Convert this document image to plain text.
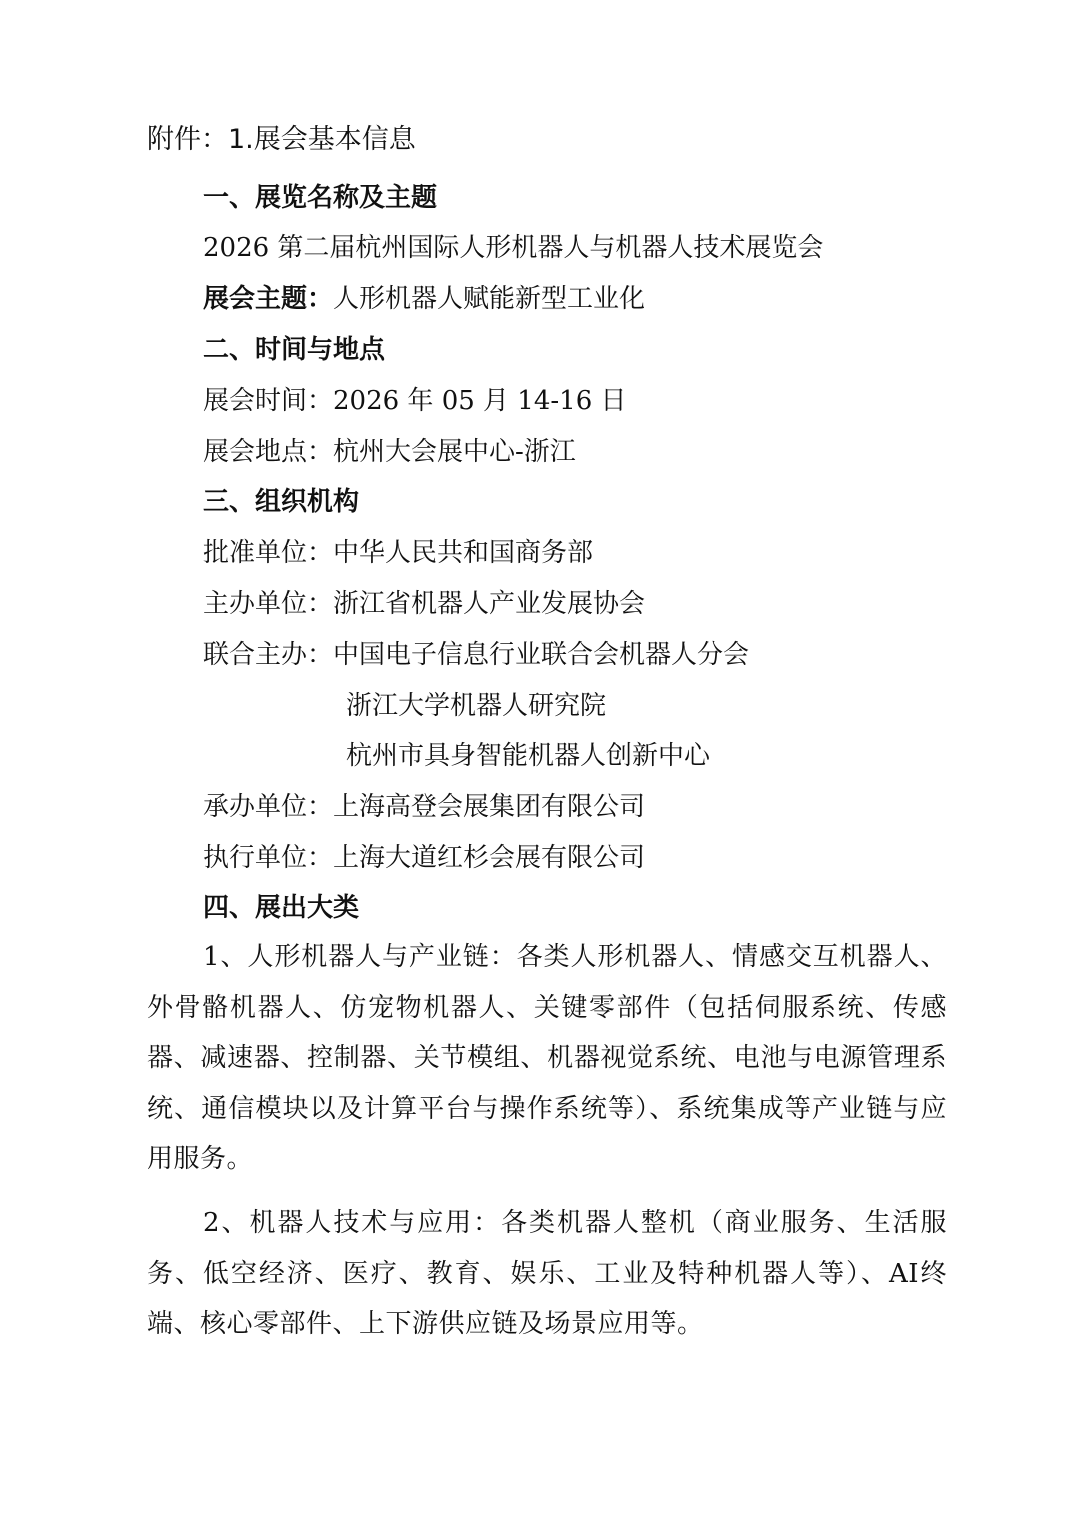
附件：1.展会基本信息
一、展览名称及主题
2026 第二届杭州国际人形机器人与机器人技术展览会
展会主题：人形机器人赋能新型工业化
二、时间与地点
展会时间：2026 年 05 月 14-16 日
展会地点：杭州大会展中心-浙江
三、组织机构
批准单位：中华人民共和国商务部
主办单位：浙江省机器人产业发展协会
联合主办：中国电子信息行业联合会机器人分会
浙江大学机器人研究院
杭州市具身智能机器人创新中心
承办单位：上海高登会展集团有限公司
执行单位：上海大道红杉会展有限公司
四、展出大类
1、人形机器人与产业链：各类人形机器人、情感交互机器人、外骨骼机器人、仿宠物机器人、关键零部件（包括伺服系统、传感器、减速器、控制器、关节模组、机器视觉系统、电池与电源管理系统、通信模块以及计算平台与操作系统等）、系统集成等产业链与应用服务。
2、机器人技术与应用：各类机器人整机（商业服务、生活服务、低空经济、医疗、教育、娱乐、工业及特种机器人等）、AI终端、核心零部件、上下游供应链及场景应用等。
